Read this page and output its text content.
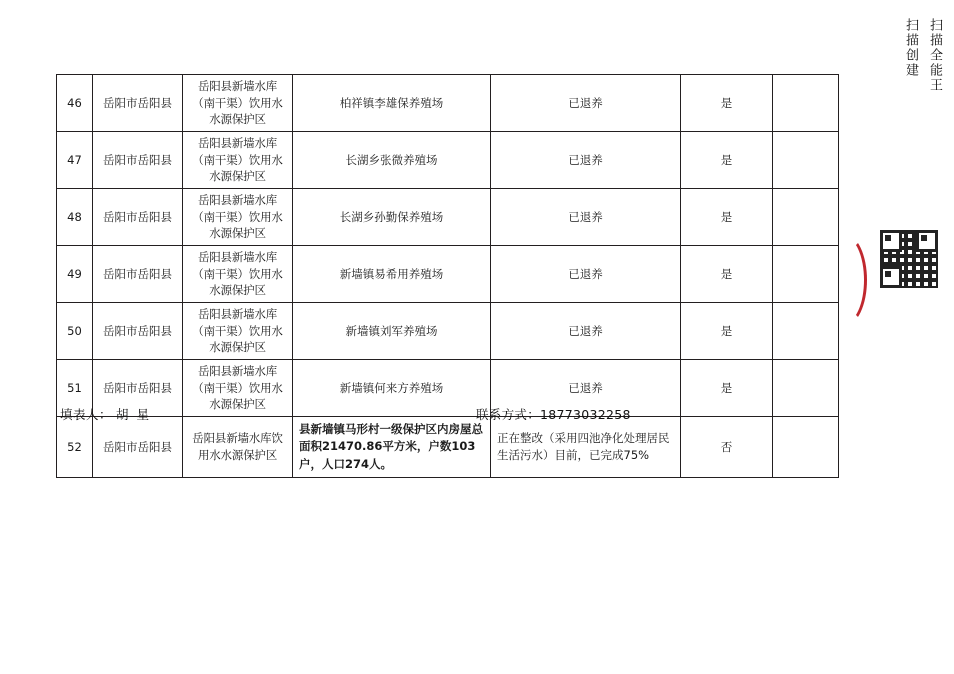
46	岳阳市岳阳县	岳阳县新墙水库（南干渠）饮用水水源保护区	柏祥镇李雄保养殖场	已退养	是	
47	岳阳市岳阳县	岳阳县新墙水库（南干渠）饮用水水源保护区	长湖乡张微养殖场	已退养	是	
48	岳阳市岳阳县	岳阳县新墙水库（南干渠）饮用水水源保护区	长湖乡孙勤保养殖场	已退养	是	
49	岳阳市岳阳县	岳阳县新墙水库（南干渠）饮用水水源保护区	新墙镇易希用养殖场	已退养	是	
50	岳阳市岳阳县	岳阳县新墙水库（南干渠）饮用水水源保护区	新墙镇刘军养殖场	已退养	是	
51	岳阳市岳阳县	岳阳县新墙水库（南干渠）饮用水水源保护区	新墙镇何来方养殖场	已退养	是	
52	岳阳市岳阳县	岳阳县新墙水库饮用水水源保护区	县新墙镇马形村一级保护区内房屋总面积21470.86平方米，户数103户，人口274人。	正在整改（采用四池净化处理居民生活污水）目前，已完成75%	否	
填表人： 胡 星	联系方式：18773032258
扫描全能王
扫描创建
